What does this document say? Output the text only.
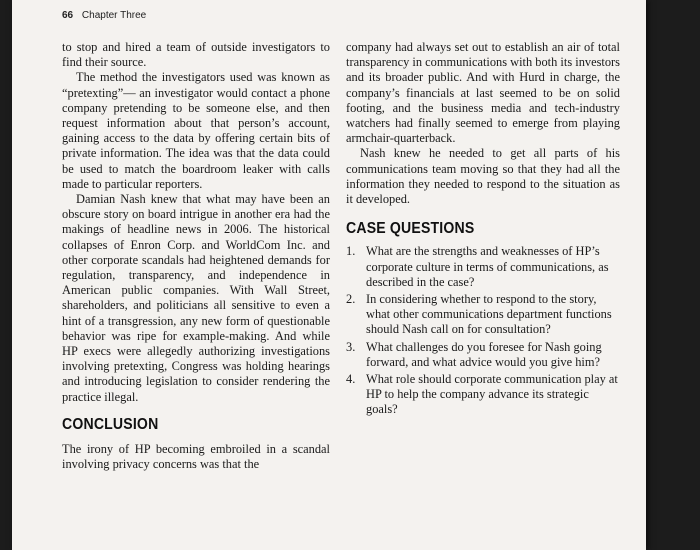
66 Chapter Three

to stop and hired a team of outside investigators to find their source.

The method the investigators used was known as “pretexting”— an investigator would contact a phone company pretending to be someone else, and then request information about that person’s account, gaining access to the data by offering certain bits of private information. The idea was that the data could be used to match the boardroom leaker with calls made to particular reporters.

Damian Nash knew that what may have been an obscure story on board intrigue in another era had the makings of headline news in 2006. The historical collapses of Enron Corp. and WorldCom Inc. and other corporate scandals had heightened demands for regulation, transparency, and independence in American public companies. With Wall Street, shareholders, and politicians all sensitive to even a hint of a transgression, any new form of questionable behavior was ripe for example-making. And while HP execs were allegedly authorizing investigations involving pretexting, Congress was holding hearings and introducing legislation to consider rendering the practice illegal.

CONCLUSION

The irony of HP becoming embroiled in a scandal involving privacy concerns was that the

company had always set out to establish an air of total transparency in communications with both its investors and its broader public. And with Hurd in charge, the company’s financials at last seemed to be on solid footing, and the business media and tech-industry watchers had finally seemed to emerge from playing armchair-quarterback.

Nash knew he needed to get all parts of his communications team moving so that they had all the information they needed to respond to the situation as it developed.

CASE QUESTIONS
1. What are the strengths and weaknesses of HP’s corporate culture in terms of communications, as described in the case?
2. In considering whether to respond to the story, what other communications department functions should Nash call on for consultation?
3. What challenges do you foresee for Nash going forward, and what advice would you give him?
4. What role should corporate communication play at HP to help the company advance its strategic goals?
